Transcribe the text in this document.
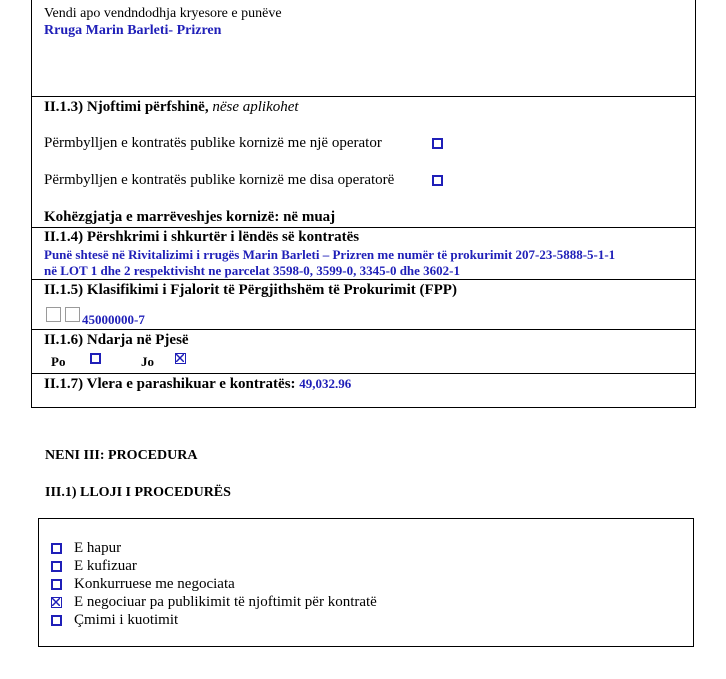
Vendi apo vendndodhja kryesore e punëve
Rruga Marin Barleti- Prizren
II.1.3) Njoftimi përfshinë, nëse aplikohet
Përmbylljen e kontratës publike kornizë me një operator
Përmbylljen e kontratës publike kornizë me disa operatorë
Kohëzgjatja e marrëveshjes kornizë: në muaj
II.1.4) Përshkrimi i shkurtër i lëndës së kontratës
Punë shtesë në Rivitalizimi i rrugës Marin Barleti – Prizren me numër të prokurimit 207-23-5888-5-1-1
në LOT 1 dhe 2 respektivisht ne parcelat 3598-0, 3599-0, 3345-0 dhe 3602-1
II.1.5) Klasifikimi i Fjalorit të Përgjithshëm të Prokurimit (FPP)
45000000-7
II.1.6) Ndarja në Pjesë
Po	Jo
II.1.7) Vlera e parashikuar e kontratës: 49,032.96
NENI III: PROCEDURA
III.1) LLOJI I PROCEDURËS
E hapur
E kufizuar
Konkurruese me negociata
E negociuar pa publikimit të njoftimit për kontratë
Çmimi i kuotimit
